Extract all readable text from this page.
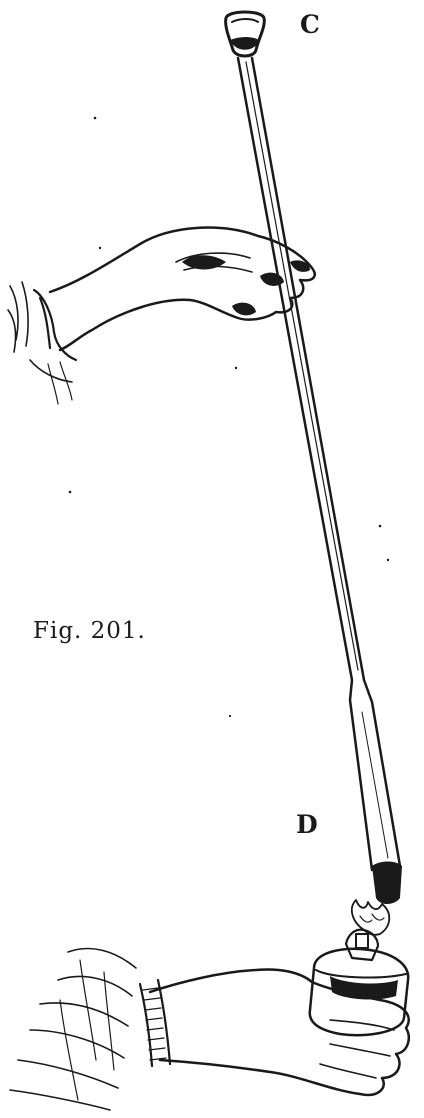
C
D
Fig. 201.
